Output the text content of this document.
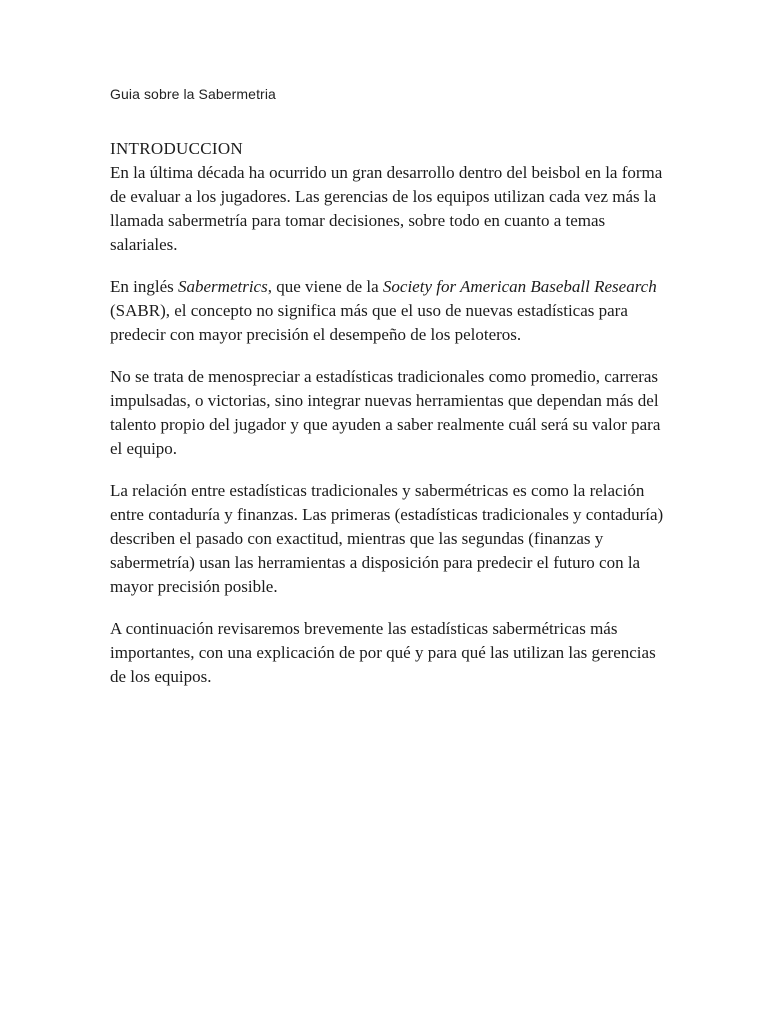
Guia sobre la Sabermetria

INTRODUCCION
En la última década ha ocurrido un gran desarrollo dentro del beisbol en la forma de evaluar a los jugadores. Las gerencias de los equipos utilizan cada vez más la llamada sabermetría para tomar decisiones, sobre todo en cuanto a temas salariales.

En inglés Sabermetrics, que viene de la Society for American Baseball Research (SABR), el concepto no significa más que el uso de nuevas estadísticas para predecir con mayor precisión el desempeño de los peloteros.

No se trata de menospreciar a estadísticas tradicionales como promedio, carreras impulsadas, o victorias, sino integrar nuevas herramientas que dependan más del talento propio del jugador y que ayuden a saber realmente cuál será su valor para el equipo.

La relación entre estadísticas tradicionales y sabermétricas es como la relación entre contaduría y finanzas. Las primeras (estadísticas tradicionales y contaduría) describen el pasado con exactitud, mientras que las segundas (finanzas y sabermetría) usan las herramientas a disposición para predecir el futuro con la mayor precisión posible.

A continuación revisaremos brevemente las estadísticas sabermétricas más importantes, con una explicación de por qué y para qué las utilizan las gerencias de los equipos.
